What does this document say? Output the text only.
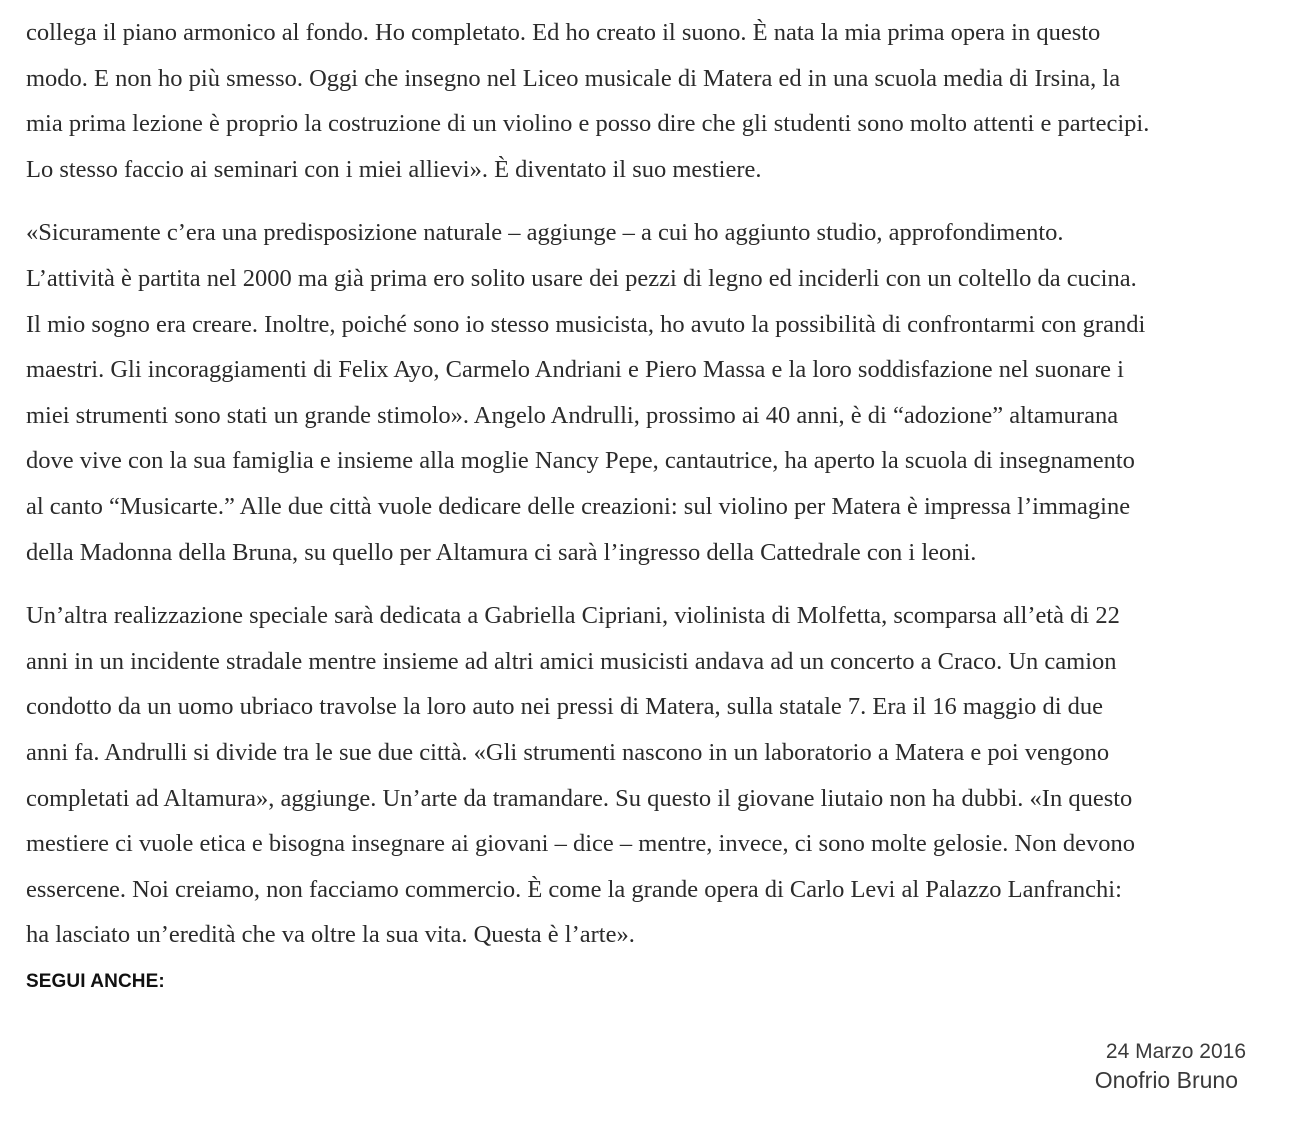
collega il piano armonico al fondo. Ho completato. Ed ho creato il suono. È nata la mia prima opera in questo
modo. E non ho più smesso. Oggi che insegno nel Liceo musicale di Matera ed in una scuola media di Irsina, la
mia prima lezione è proprio la costruzione di un violino e posso dire che gli studenti sono molto attenti e partecipi.
Lo stesso faccio ai seminari con i miei allievi». È diventato il suo mestiere.

«Sicuramente c’era una predisposizione naturale – aggiunge – a cui ho aggiunto studio, approfondimento.
L’attività è partita nel 2000 ma già prima ero solito usare dei pezzi di legno ed inciderli con un coltello da cucina.
Il mio sogno era creare. Inoltre, poiché sono io stesso musicista, ho avuto la possibilità di confrontarmi con grandi
maestri. Gli incoraggiamenti di Felix Ayo, Carmelo Andriani e Piero Massa e la loro soddisfazione nel suonare i
miei strumenti sono stati un grande stimolo». Angelo Andrulli, prossimo ai 40 anni, è di “adozione” altamurana
dove vive con la sua famiglia e insieme alla moglie Nancy Pepe, cantautrice, ha aperto la scuola di insegnamento
al canto “Musicarte.” Alle due città vuole dedicare delle creazioni: sul violino per Matera è impressa l’immagine
della Madonna della Bruna, su quello per Altamura ci sarà l’ingresso della Cattedrale con i leoni.

Un’altra realizzazione speciale sarà dedicata a Gabriella Cipriani, violinista di Molfetta, scomparsa all’età di 22
anni in un incidente stradale mentre insieme ad altri amici musicisti andava ad un concerto a Craco. Un camion
condotto da un uomo ubriaco travolse la loro auto nei pressi di Matera, sulla statale 7. Era il 16 maggio di due
anni fa. Andrulli si divide tra le sue due città. «Gli strumenti nascono in un laboratorio a Matera e poi vengono
completati ad Altamura», aggiunge. Un’arte da tramandare. Su questo il giovane liutaio non ha dubbi. «In questo
mestiere ci vuole etica e bisogna insegnare ai giovani – dice – mentre, invece, ci sono molte gelosie. Non devono
essercene. Noi creiamo, non facciamo commercio. È come la grande opera di Carlo Levi al Palazzo Lanfranchi:
ha lasciato un’eredità che va oltre la sua vita. Questa è l’arte».

SEGUI ANCHE:
24 Marzo 2016
Onofrio Bruno
